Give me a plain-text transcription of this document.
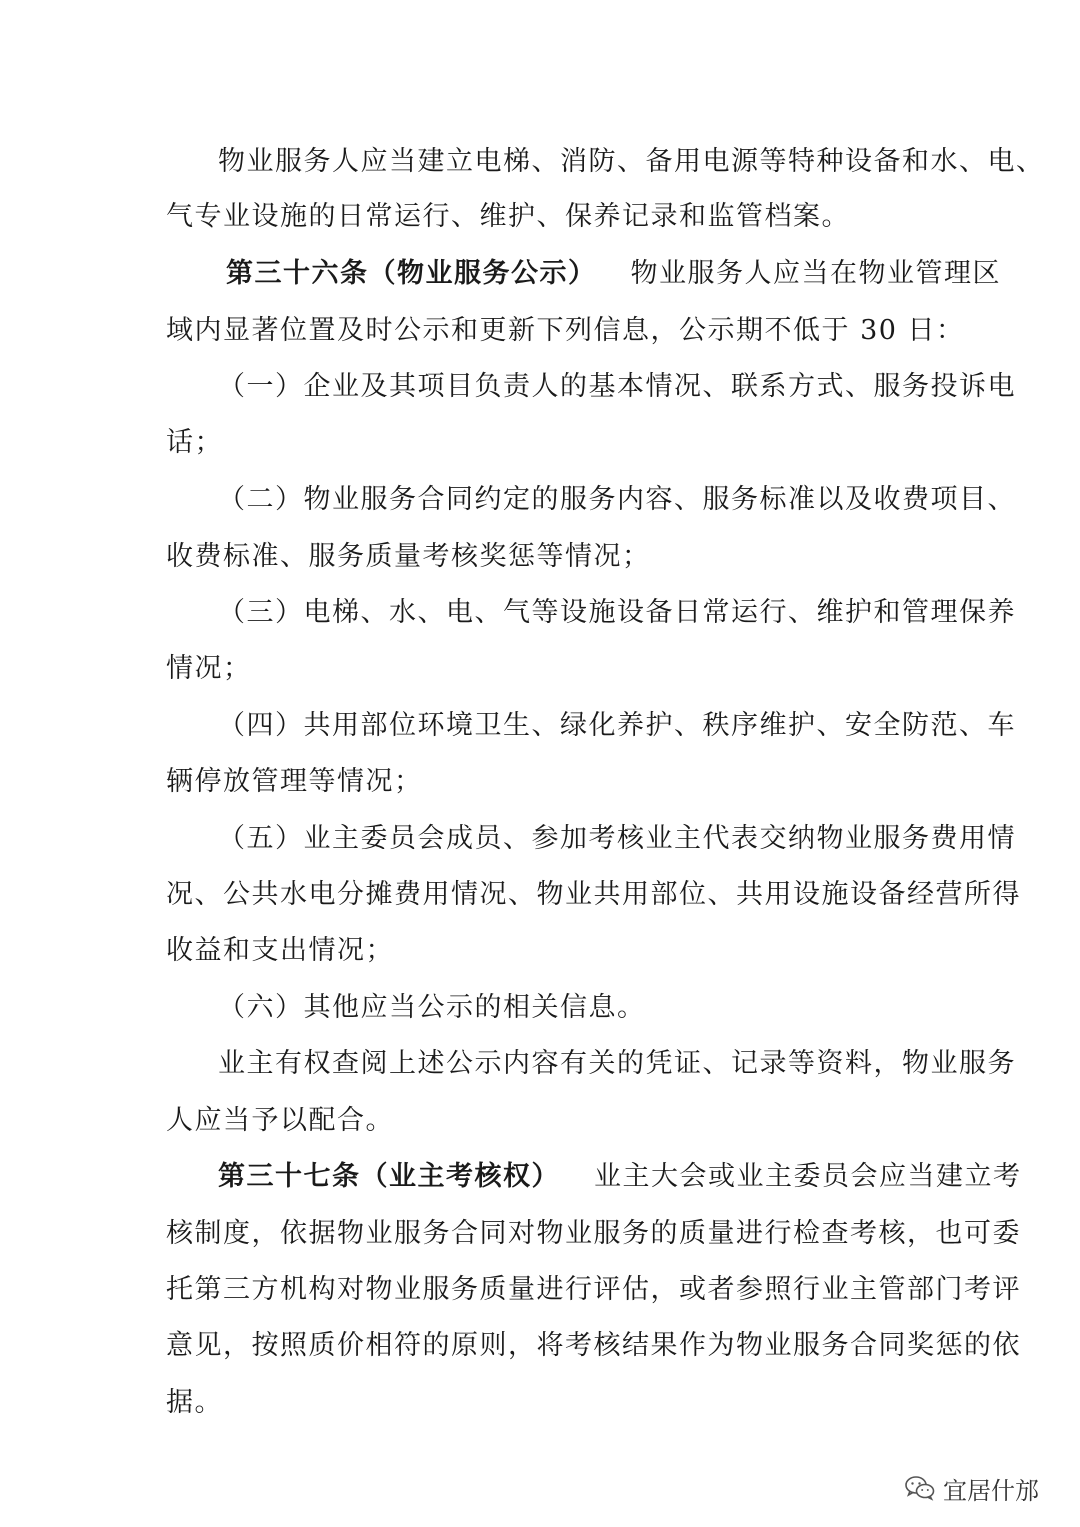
物业服务人应当建立电梯、消防、备用电源等特种设备和水、电、
气专业设施的日常运行、维护、保养记录和监管档案。
第三十六条（物业服务公示） 物业服务人应当在物业管理区
域内显著位置及时公示和更新下列信息，公示期不低于 30 日：
（一）企业及其项目负责人的基本情况、联系方式、服务投诉电
话；
（二）物业服务合同约定的服务内容、服务标准以及收费项目、
收费标准、服务质量考核奖惩等情况；
（三）电梯、水、电、气等设施设备日常运行、维护和管理保养
情况；
（四）共用部位环境卫生、绿化养护、秩序维护、安全防范、车
辆停放管理等情况；
（五）业主委员会成员、参加考核业主代表交纳物业服务费用情
况、公共水电分摊费用情况、物业共用部位、共用设施设备经营所得
收益和支出情况；
（六）其他应当公示的相关信息。
业主有权查阅上述公示内容有关的凭证、记录等资料，物业服务
人应当予以配合。
第三十七条（业主考核权） 业主大会或业主委员会应当建立考
核制度，依据物业服务合同对物业服务的质量进行检查考核，也可委
托第三方机构对物业服务质量进行评估，或者参照行业主管部门考评
意见，按照质价相符的原则，将考核结果作为物业服务合同奖惩的依
据。
宜居什邡
